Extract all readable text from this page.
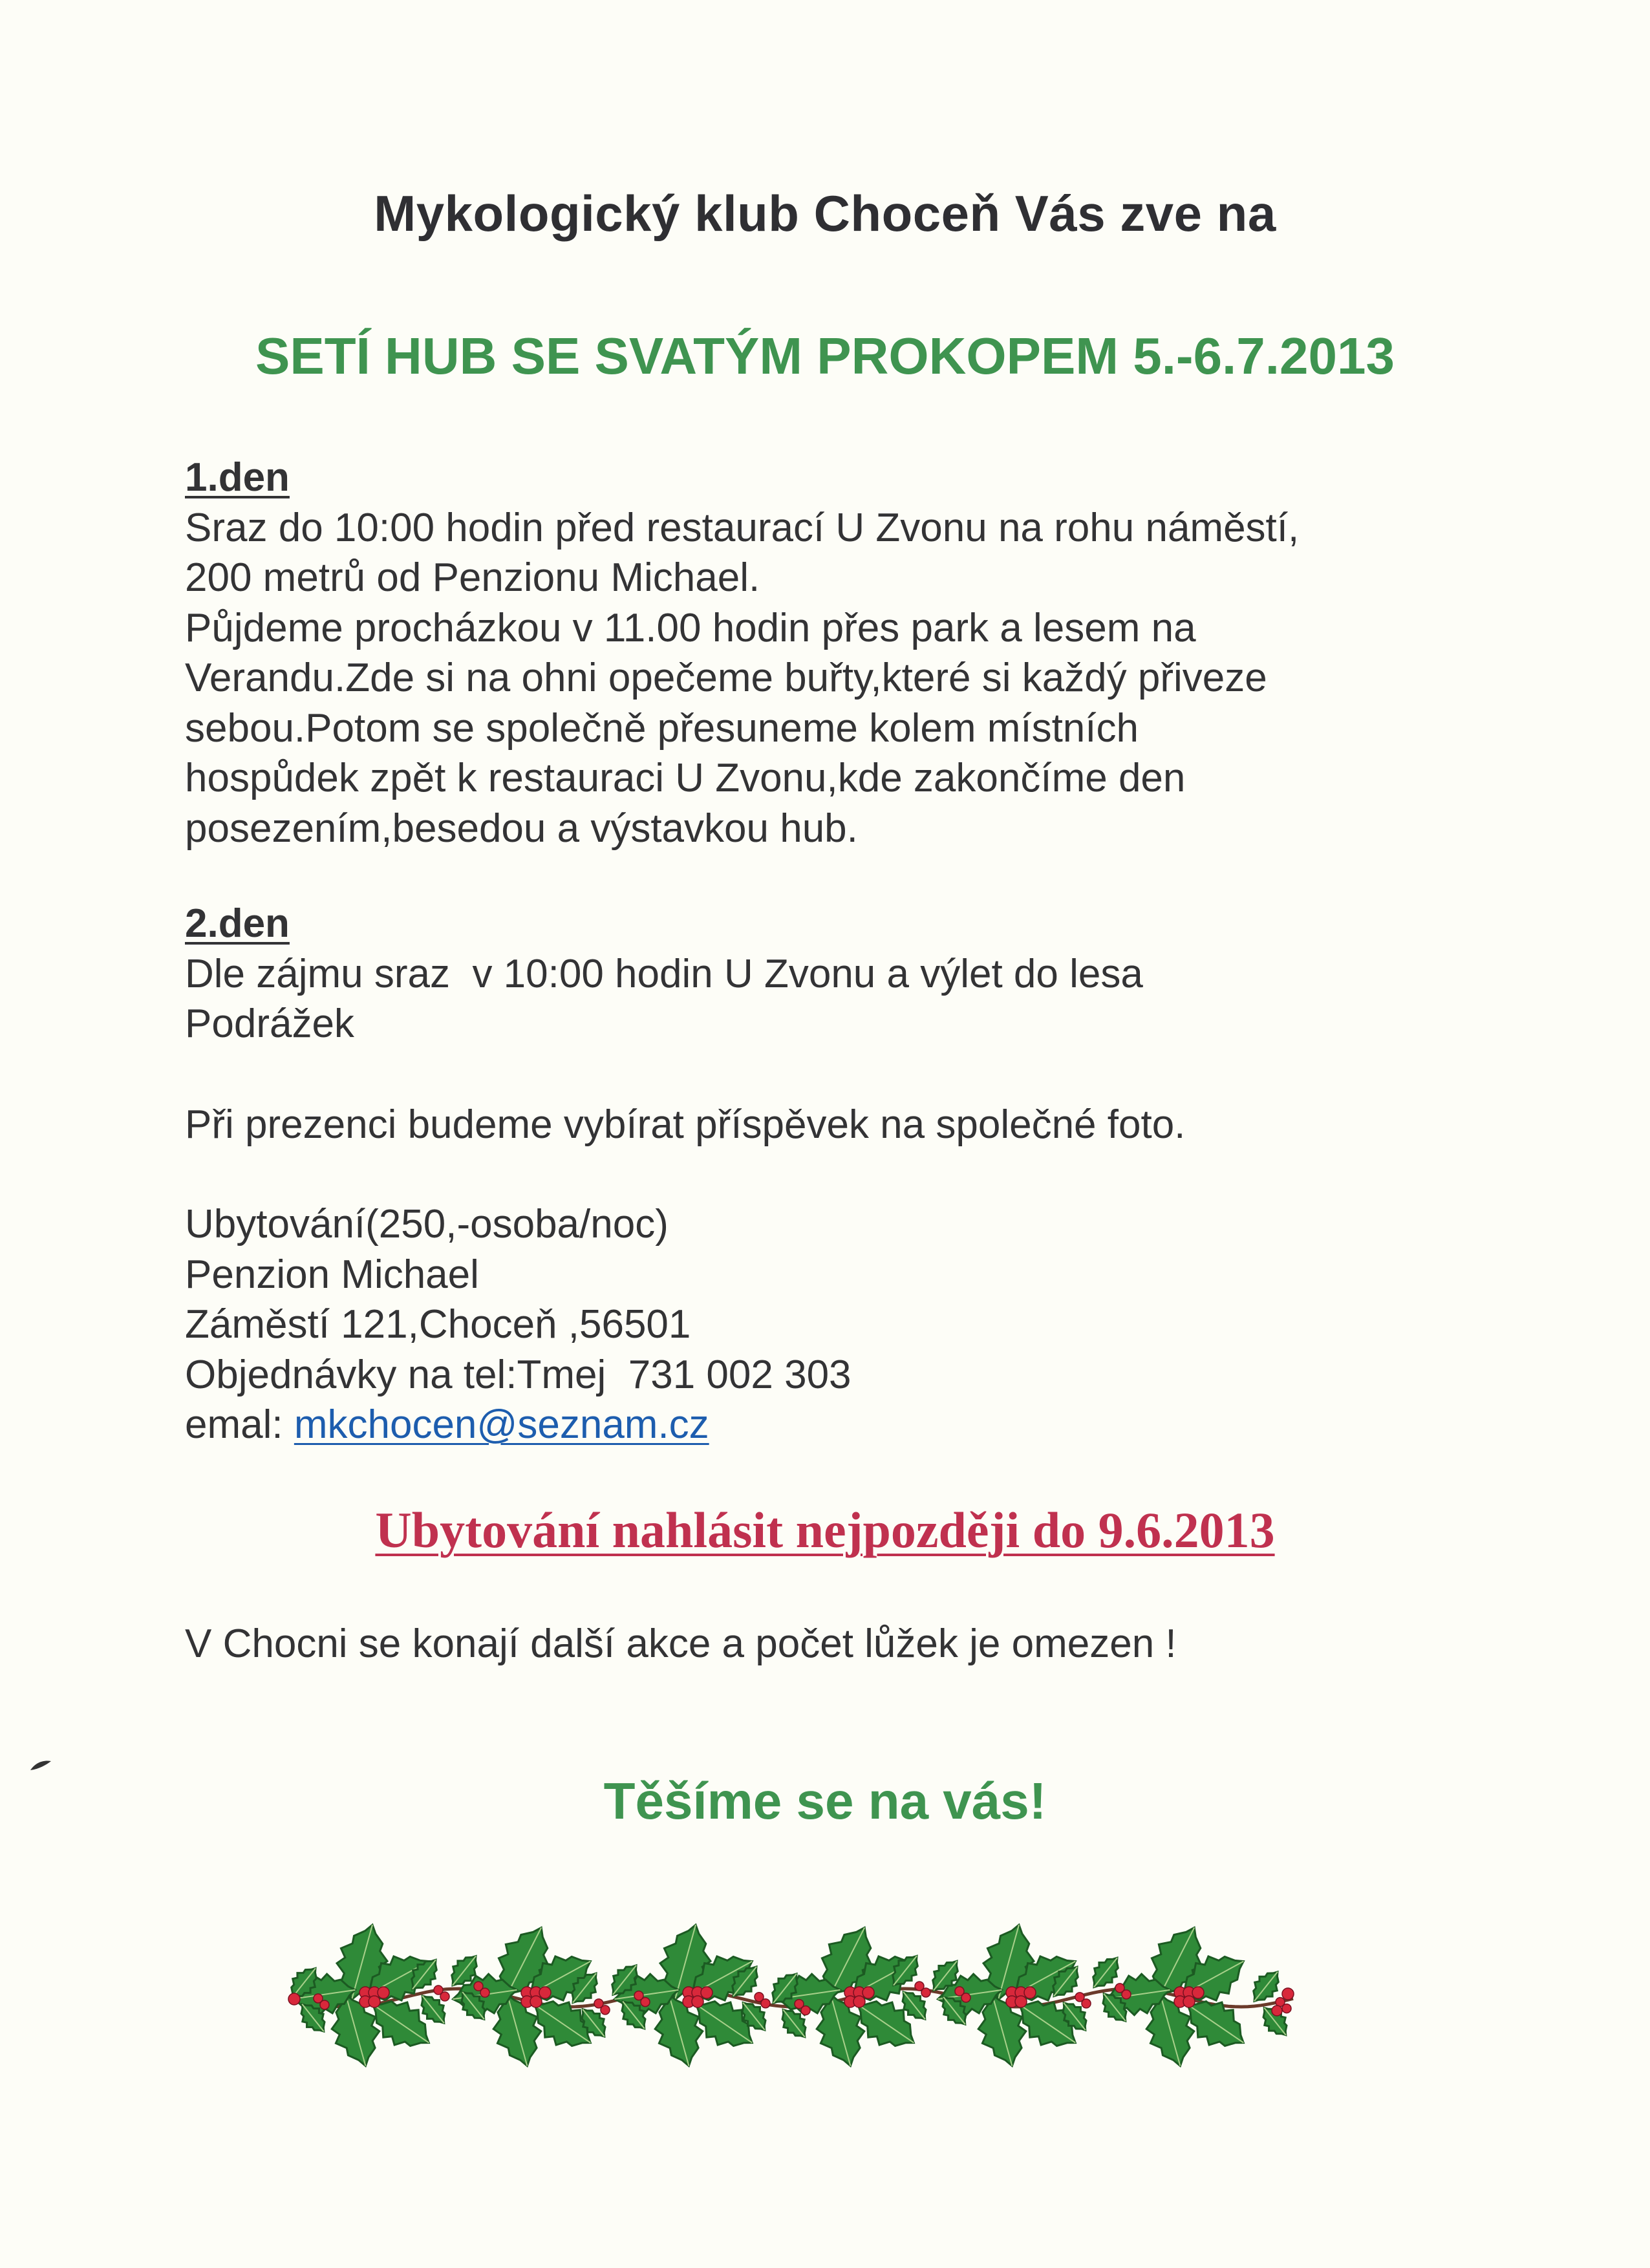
Mykologický klub Choceň Vás zve na
SETÍ HUB SE SVATÝM PROKOPEM 5.-6.7.2013
1.den
Sraz do 10:00 hodin před restaurací U Zvonu na rohu náměstí,
200 metrů od Penzionu Michael.
Půjdeme procházkou v 11.00 hodin přes park a lesem na
Verandu.Zde si na ohni opečeme buřty,které si každý přiveze
sebou.Potom se společně přesuneme kolem místních
hospůdek zpět k restauraci U Zvonu,kde zakončíme den
posezením,besedou a výstavkou hub.
2.den
Dle zájmu sraz  v 10:00 hodin U Zvonu a výlet do lesa
Podrážek
Při prezenci budeme vybírat příspěvek na společné foto.
Ubytování(250,-osoba/noc)
Penzion Michael
Záměstí 121,Choceň ,56501
Objednávky na tel:Tmej  731 002 303
emal: mkchocen@seznam.cz
Ubytování nahlásit nejpozději do 9.6.2013
V Chocni se konají další akce a počet lůžek je omezen !
Těšíme se na vás!
